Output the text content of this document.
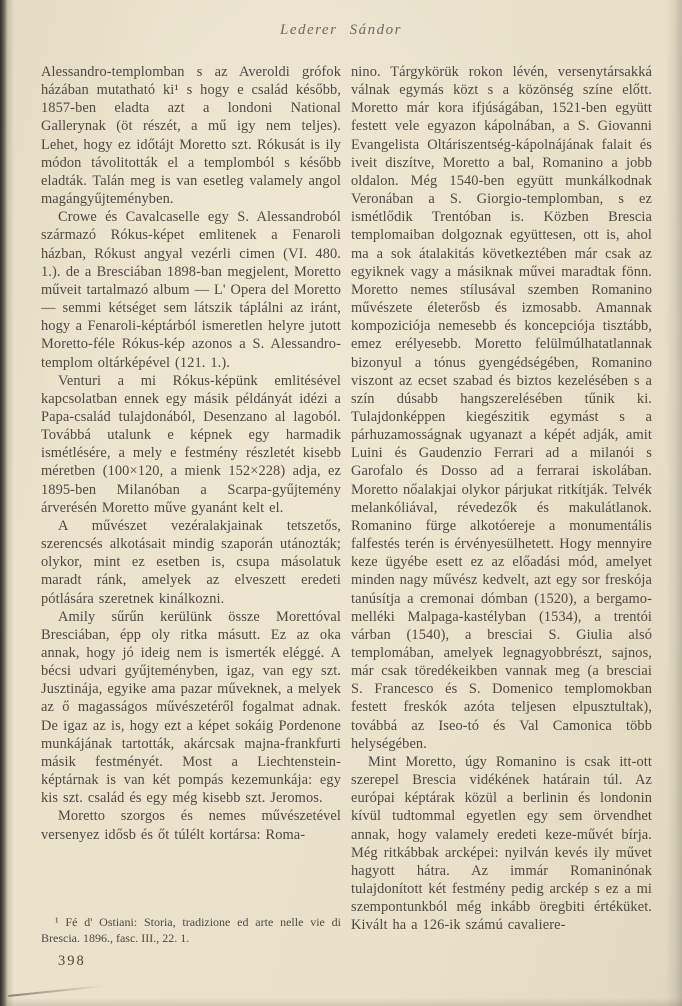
Lederer Sándor

Alessandro-templomban s az Averoldi grófok házában mutatható ki¹ s hogy e család később, 1857-ben eladta azt a londoni National Gallerynak (öt részét, a mű igy nem teljes). Lehet, hogy ez időtájt Moretto szt. Rókusát is ily módon távolitották el a templomból s később eladták. Talán meg is van esetleg valamely angol magángyűjteményben.

Crowe és Cavalcaselle egy S. Alessandroból származó Rókus-képet emlitenek a Fenaroli házban, Rókust angyal vezérli cimen (VI. 480. 1.). de a Bresciában 1898-ban megjelent, Moretto műveit tartalmazó album — L' Opera del Moretto — semmi kétséget sem látszik táplálni az iránt, hogy a Fenaroli-képtárból ismeretlen helyre jutott Moretto-féle Rókus-kép azonos a S. Alessandro-templom oltárképével (121. 1.).

Venturi a mi Rókus-képünk emlitésével kapcsolatban ennek egy másik példányát idézi a Papa-család tulajdonából, Desenzano al lagoból. Továbbá utalunk e képnek egy harmadik ismétlésére, a mely e festmény részletét kisebb méretben (100×120, a mienk 152×228) adja, ez 1895-ben Milanóban a Scarpa-gyűjtemény árverésén Moretto műve gyanánt kelt el.

A művészet vezéralakjainak tetszetős, szerencsés alkotásait mindig szaporán utánozták; olykor, mint ez esetben is, csupa másolatuk maradt ránk, amelyek az elveszett eredeti pótlására szeretnek kinálkozni.

Amily sűrűn kerülünk össze Morettóval Bresciában, épp oly ritka másutt. Ez az oka annak, hogy jó ideig nem is ismerték eléggé. A bécsi udvari gyűjteményben, igaz, van egy szt. Jusztinája, egyike ama pazar műveknek, a melyek az ő magasságos művészetéről fogalmat adnak. De igaz az is, hogy ezt a képet sokáig Pordenone munkájának tartották, akárcsak majna-frankfurti másik festményét. Most a Liechtenstein-képtárnak is van két pompás kezemunkája: egy kis szt. család és egy még kisebb szt. Jeromos.

Moretto szorgos és nemes művészetével versenyez idősb és őt túlélt kortársa: Roma-

nino. Tárgykörük rokon lévén, versenytársakká válnak egymás közt s a közönség színe előtt. Moretto már kora ifjúságában, 1521-ben együtt festett vele egyazon kápolnában, a S. Giovanni Evangelista Oltáriszentség-kápolnájának falait és iveit diszítve, Moretto a bal, Romanino a jobb oldalon. Még 1540-ben együtt munkálkodnak Veronában a S. Giorgio-templomban, s ez ismétlődik Trentóban is. Közben Brescia templomaiban dolgoznak együttesen, ott is, ahol ma a sok átalakitás következtében már csak az egyiknek vagy a másiknak művei maradtak fönn. Moretto nemes stílusával szemben Romanino művészete életerősb és izmosabb. Amannak kompoziciója nemesebb és koncepciója tisztább, emez erélyesebb. Moretto felülmúlhatatlannak bizonyul a tónus gyengédségében, Romanino viszont az ecset szabad és biztos kezelésében s a szín dúsabb hangszerelésében tűnik ki. Tulajdonképpen kiegészitik egymást s a párhuzamosságnak ugyanazt a képét adják, amit Luini és Gaudenzio Ferrari ad a milanói s Garofalo és Dosso ad a ferrarai iskolában. Moretto nőalakjai olykor párjukat ritkítják. Telvék melankóliával, révedezők és makulátlanok. Romanino fürge alkotóereje a monumentális falfestés terén is érvényesülhetett. Hogy mennyire keze ügyébe esett ez az előadási mód, amelyet minden nagy művész kedvelt, azt egy sor freskója tanúsítja a cremonai dómban (1520), a bergamo-melléki Malpaga-kastélyban (1534), a trentói várban (1540), a bresciai S. Giulia alsó templomában, amelyek legnagyobbrészt, sajnos, már csak töredékeikben vannak meg (a bresciai S. Francesco és S. Domenico templomokban festett freskók azóta teljesen elpusztultak), továbbá az Iseo-tó és Val Camonica több helységében.

Mint Moretto, úgy Romanino is csak itt-ott szerepel Brescia vidékének határain túl. Az európai képtárak közül a berlinin és londonin kívül tudtommal egyetlen egy sem örvendhet annak, hogy valamely eredeti keze-művét bírja. Még ritkábbak arcképei: nyilván kevés ily művet hagyott hátra. Az immár Romaninónak tulajdonított két festmény pedig arckép s ez a mi szempontunkból még inkább öregbiti értéküket. Kivált ha a 126-ik számú cavaliere-

¹ Fé d' Ostiani: Storia, tradizione ed arte nelle vie di Brescia. 1896., fasc. III., 22. 1.
398
